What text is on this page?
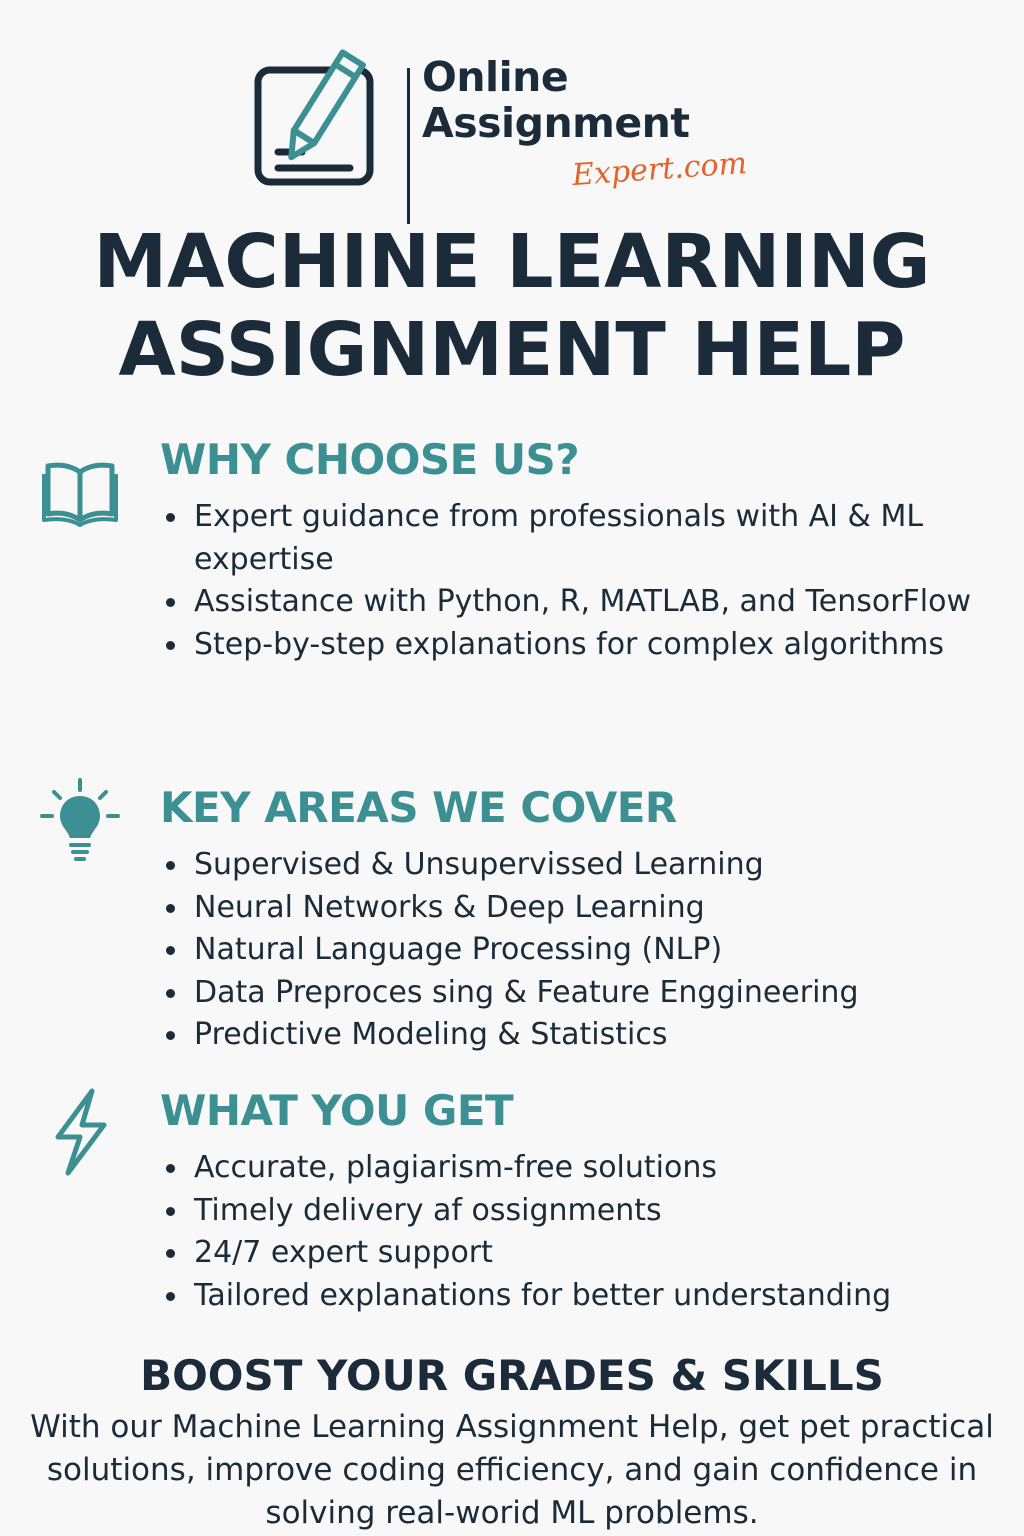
Online
Assignment
Expert.com
MACHINE LEARNING
ASSIGNMENT HELP
WHY CHOOSE US?
Expert guidance from professionals with AI & ML expertise
Assistance with Python, R, MATLAB, and TensorFlow
Step-by-step explanations for complex algorithms
KEY AREAS WE COVER
Supervised & Unsupervissed Learning
Neural Networks & Deep Learning
Natural Language Processing (NLP)
Data Preproces sing & Feature Enggineering
Predictive Modeling & Statistics
WHAT YOU GET
Accurate, plagiarism-free solutions
Timely delivery af ossignments
24/7 expert support
Tailored explanations for better understanding
BOOST YOUR GRADES & SKILLS

With our Machine Learning Assignment Help, get pet practical solutions, improve coding efficiency, and gain confidence in solving real-worid ML problems.
